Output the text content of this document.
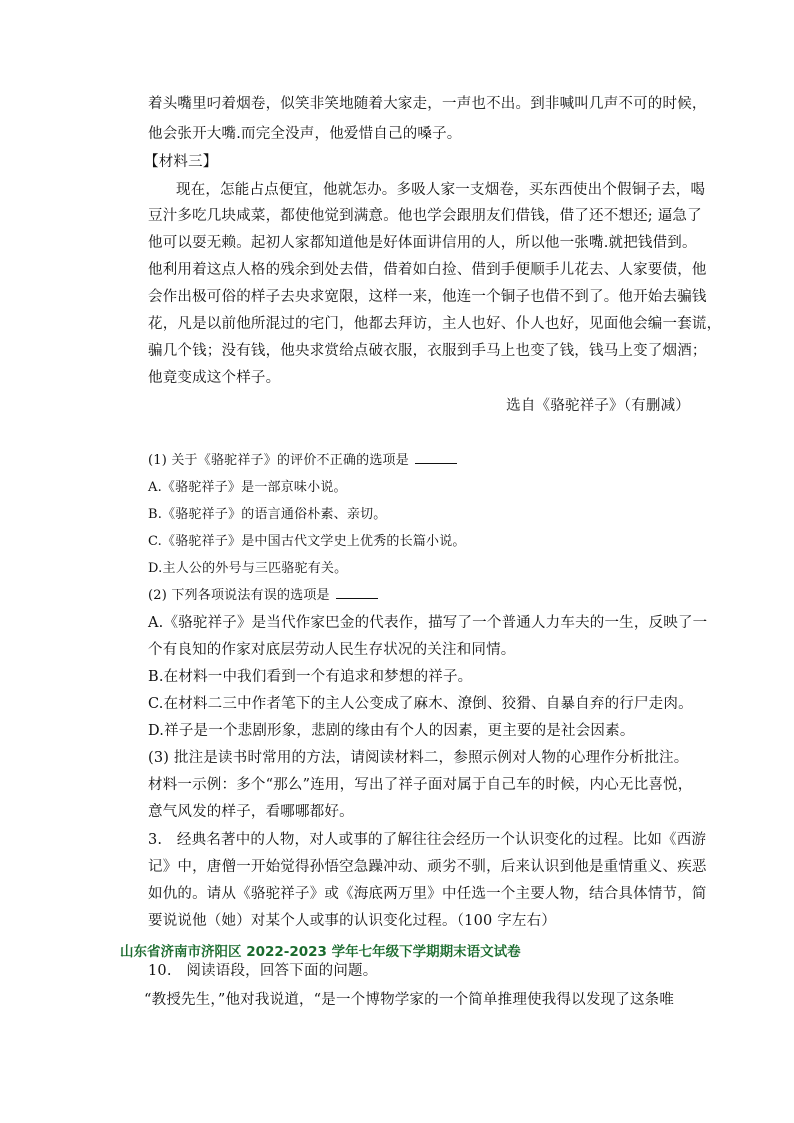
着头嘴里叼着烟卷，似笑非笑地随着大家走，一声也不出。到非喊叫几声不可的时候，
他会张开大嘴.而完全没声，他爱惜自己的嗓子。
【材料三】
现在，怎能占点便宜，他就怎办。多吸人家一支烟卷，买东西使出个假铜子去，喝
豆汁多吃几块咸菜，都使他觉到满意。他也学会跟朋友们借钱，借了还不想还; 逼急了
他可以耍无赖。起初人家都知道他是好体面讲信用的人，所以他一张嘴.就把钱借到。
他利用着这点人格的残余到处去借，借着如白捡、借到手便顺手儿花去、人家要债，他
会作出极可俗的样子去央求宽限，这样一来，他连一个铜子也借不到了。他开始去骗钱
花，凡是以前他所混过的宅门，他都去拜访，主人也好、仆人也好，见面他会编一套谎，
骗几个钱；没有钱，他央求赏给点破衣服，衣服到手马上也变了钱，钱马上变了烟酒；
他竟变成这个样子。
选自《骆驼祥子》（有删减）
(1) 关于《骆驼祥子》的评价不正确的选项是
A.《骆驼祥子》是一部京味小说。
B.《骆驼祥子》的语言通俗朴素、亲切。
C.《骆驼祥子》是中国古代文学史上优秀的长篇小说。
D.主人公的外号与三匹骆驼有关。
(2) 下列各项说法有误的选项是
A.《骆驼祥子》是当代作家巴金的代表作，描写了一个普通人力车夫的一生，反映了一
个有良知的作家对底层劳动人民生存状况的关注和同情。
B.在材料一中我们看到一个有追求和梦想的祥子。
C.在材料二三中作者笔下的主人公变成了麻木、潦倒、狡猾、自暴自弃的行尸走肉。
D.祥子是一个悲剧形象，悲剧的缘由有个人的因素，更主要的是社会因素。
(3) 批注是读书时常用的方法，请阅读材料二，参照示例对人物的心理作分析批注。
材料一示例：多个“那么”连用，写出了祥子面对属于自己车的时候，内心无比喜悦，
意气风发的样子，看哪哪都好。
3.　经典名著中的人物，对人或事的了解往往会经历一个认识变化的过程。比如《西游
记》中，唐僧一开始觉得孙悟空急躁冲动、顽劣不驯，后来认识到他是重情重义、疾恶
如仇的。请从《骆驼祥子》或《海底两万里》中任选一个主要人物，结合具体情节，简
要说说他（她）对某个人或事的认识变化过程。（100 字左右）
山东省济南市济阳区 2022-2023 学年七年级下学期期末语文试卷
10.　阅读语段，回答下面的问题。
“教授先生，”他对我说道，“是一个博物学家的一个简单推理使我得以发现了这条唯
